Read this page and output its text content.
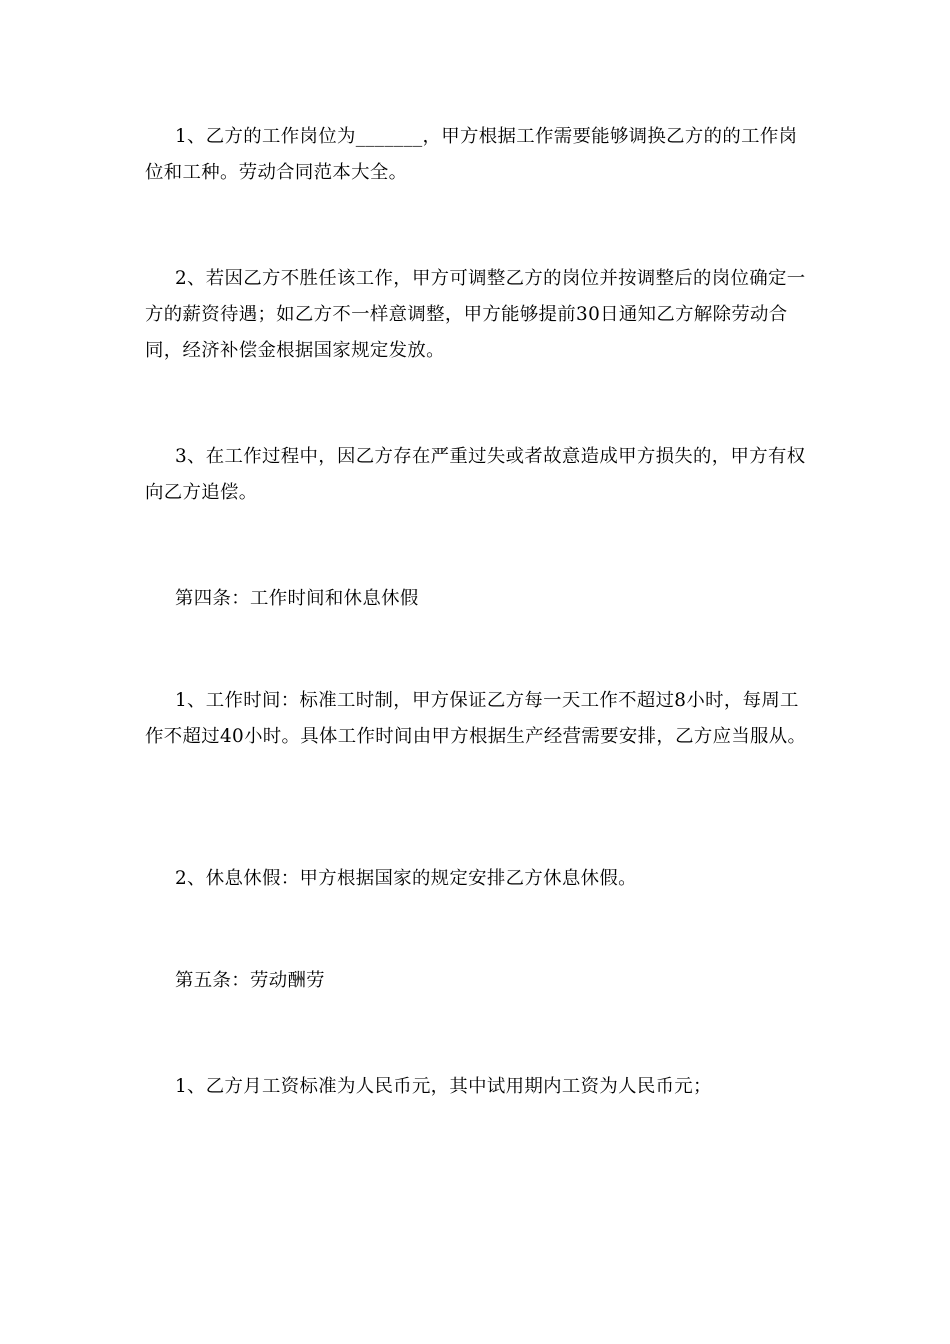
1、乙方的工作岗位为_______，甲方根据工作需要能够调换乙方的的工作岗位和工种。劳动合同范本大全。

2、若因乙方不胜任该工作，甲方可调整乙方的岗位并按调整后的岗位确定一方的薪资待遇；如乙方不一样意调整，甲方能够提前30日通知乙方解除劳动合同，经济补偿金根据国家规定发放。

3、在工作过程中，因乙方存在严重过失或者故意造成甲方损失的，甲方有权向乙方追偿。

第四条：工作时间和休息休假

1、工作时间：标准工时制，甲方保证乙方每一天工作不超过8小时，每周工作不超过40小时。具体工作时间由甲方根据生产经营需要安排，乙方应当服从。

2、休息休假：甲方根据国家的规定安排乙方休息休假。

第五条：劳动酬劳

1、乙方月工资标准为人民币元，其中试用期内工资为人民币元；
